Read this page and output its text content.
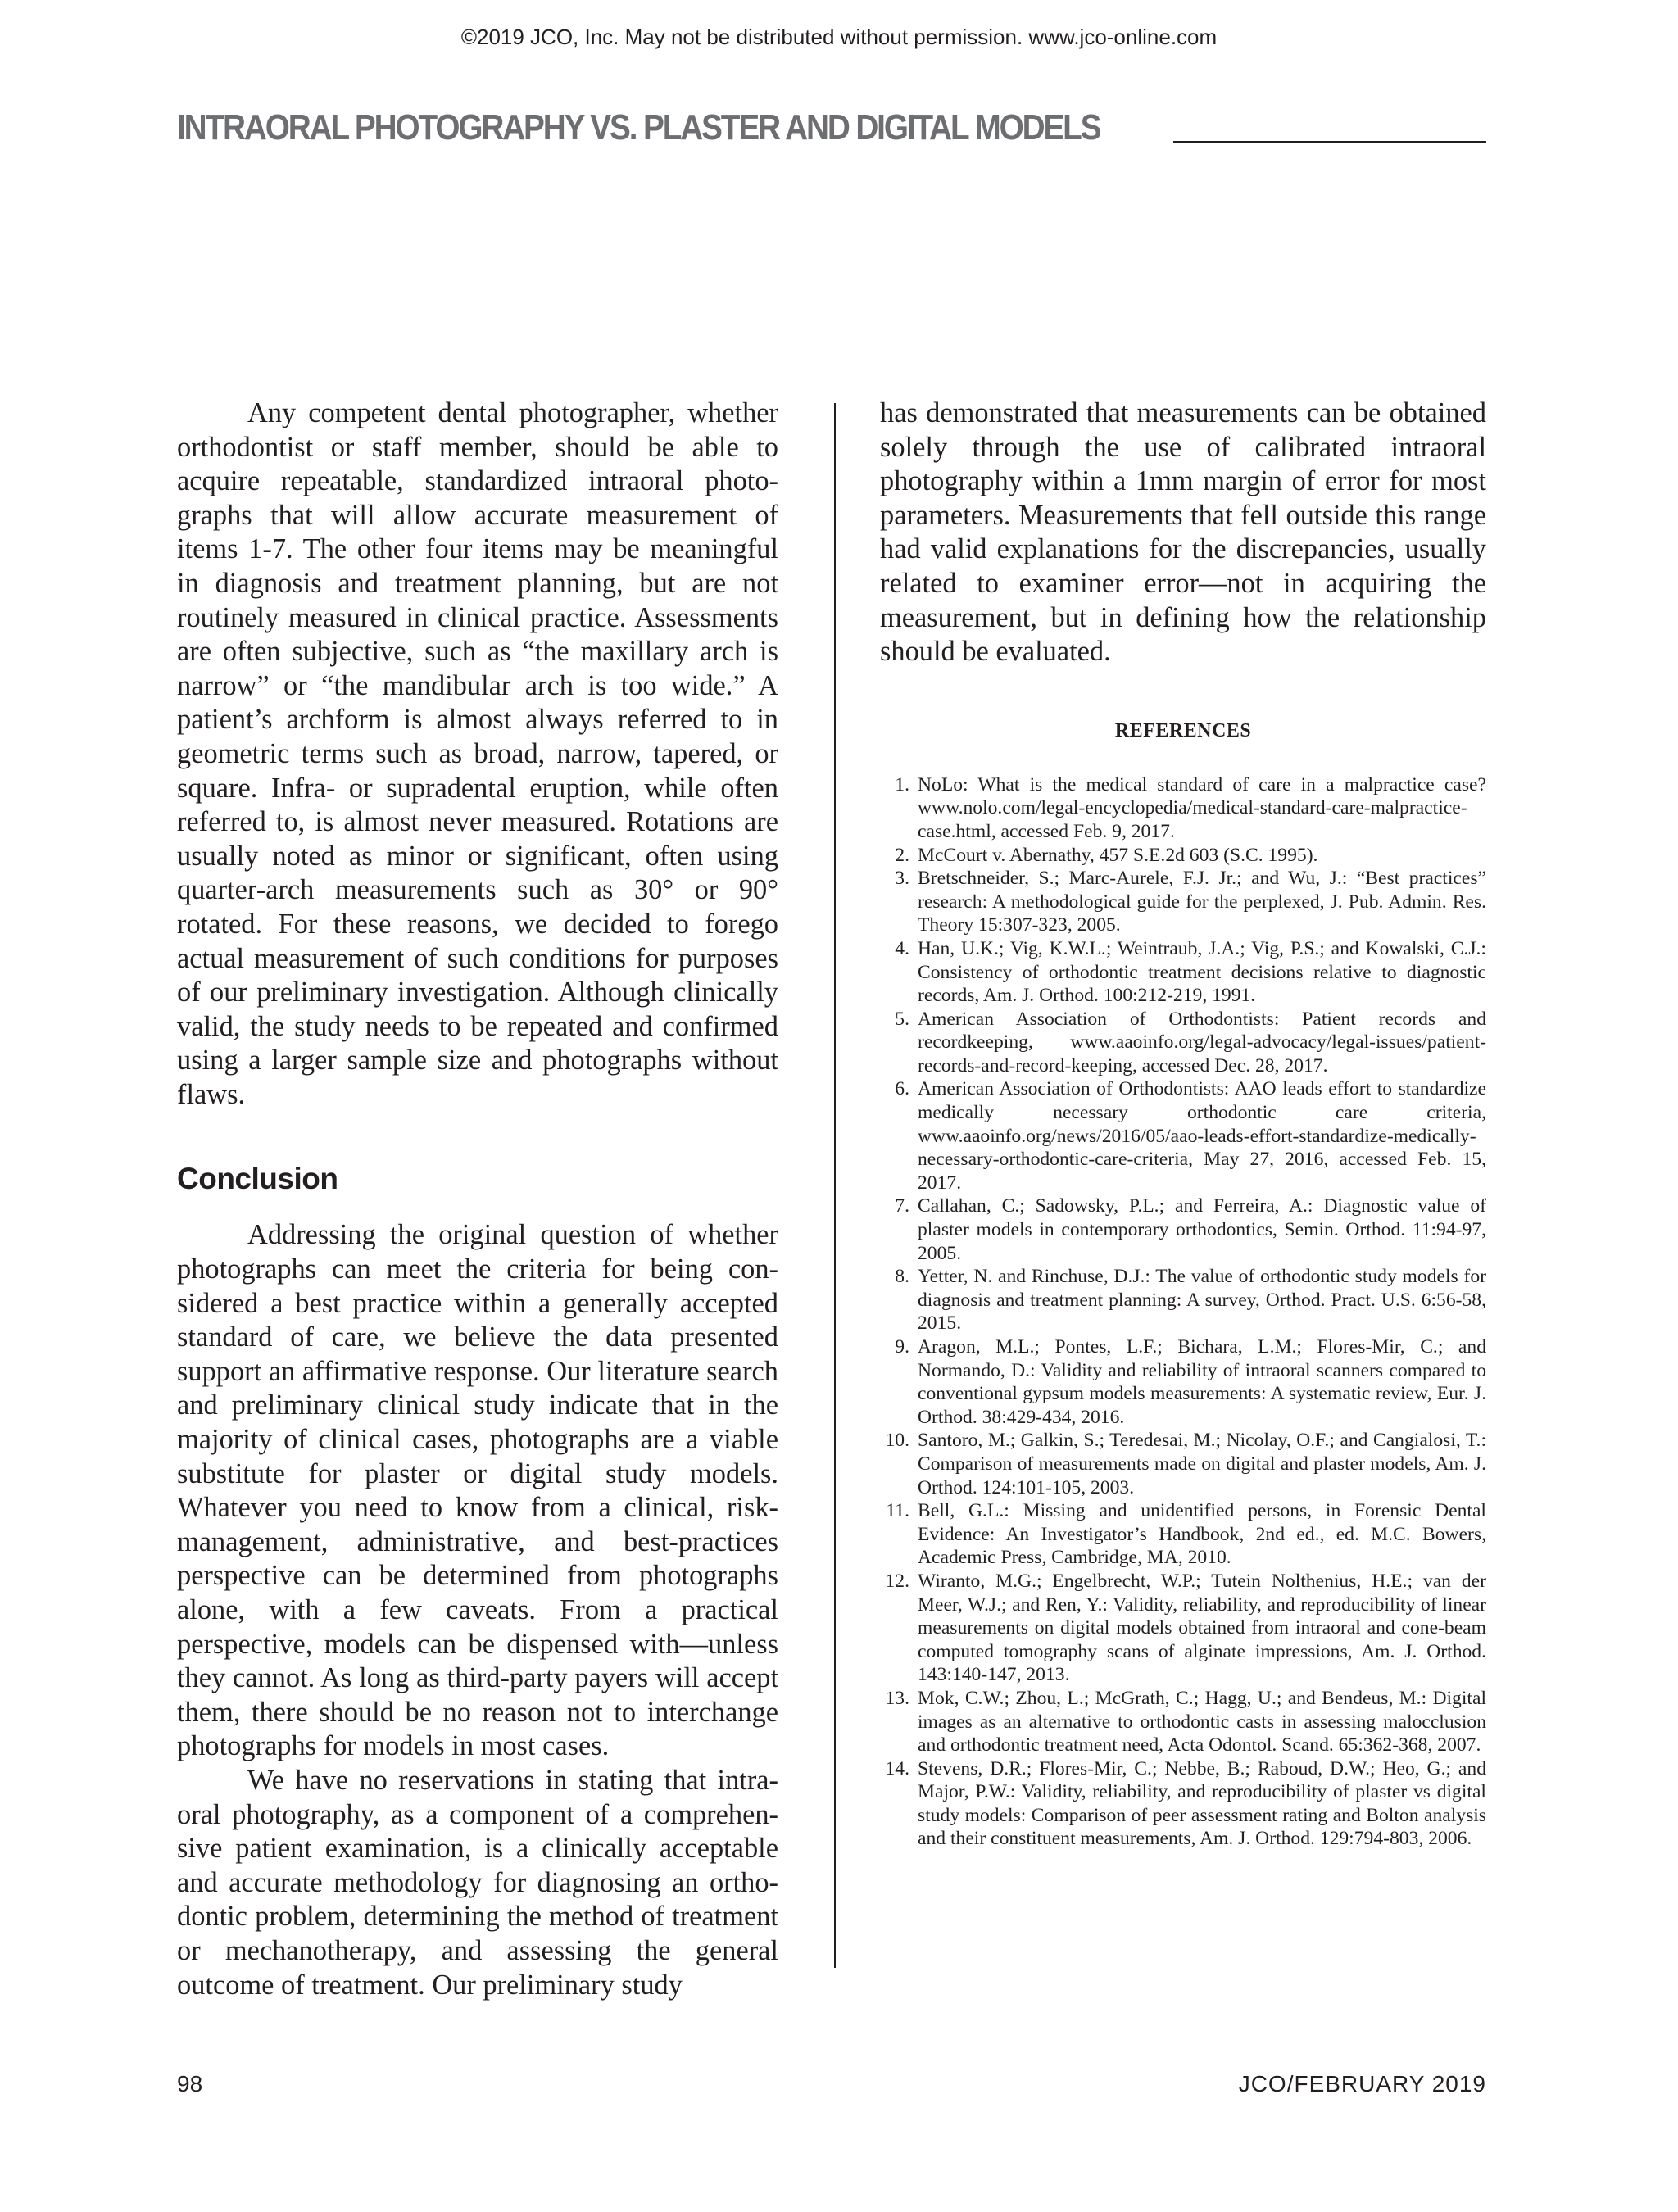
©2019 JCO, Inc. May not be distributed without permission. www.jco-online.com
INTRAORAL PHOTOGRAPHY VS. PLASTER AND DIGITAL MODELS

Any competent dental photographer, whether orthodontist or staff member, should be able to acquire repeatable, standardized intraoral photographs that will allow accurate measurement of items 1-7. The other four items may be meaningful in diagnosis and treatment planning, but are not routinely measured in clinical practice. Assessments are often subjective, such as “the maxillary arch is narrow” or “the mandibular arch is too wide.” A patient’s archform is almost always referred to in geometric terms such as broad, narrow, tapered, or square. Infra- or supradental eruption, while often referred to, is almost never measured. Rotations are usually noted as minor or significant, often using quarter-arch measurements such as 30° or 90° rotated. For these reasons, we decided to forego actual measurement of such conditions for purposes of our preliminary investigation. Although clinically valid, the study needs to be repeated and confirmed using a larger sample size and photographs without flaws.

Conclusion

Addressing the original question of whether photographs can meet the criteria for being considered a best practice within a generally accepted standard of care, we believe the data presented support an affirmative response. Our literature search and preliminary clinical study indicate that in the majority of clinical cases, photographs are a viable substitute for plaster or digital study models. Whatever you need to know from a clinical, risk-management, administrative, and best-practices perspective can be determined from photographs alone, with a few caveats. From a practical perspective, models can be dispensed with—unless they cannot. As long as third-party payers will accept them, there should be no reason not to interchange photographs for models in most cases.

We have no reservations in stating that intraoral photography, as a component of a comprehensive patient examination, is a clinically acceptable and accurate methodology for diagnosing an orthodontic problem, determining the method of treatment or mechanotherapy, and assessing the general outcome of treatment. Our preliminary study

has demonstrated that measurements can be obtained solely through the use of calibrated intraoral photography within a 1mm margin of error for most parameters. Measurements that fell outside this range had valid explanations for the discrepancies, usually related to examiner error—not in acquiring the measurement, but in defining how the relationship should be evaluated.

REFERENCES
1. NoLo: What is the medical standard of care in a malpractice case? www.nolo.com/legal-encyclopedia/medical-standard-care-malpractice-case.html, accessed Feb. 9, 2017.
2. McCourt v. Abernathy, 457 S.E.2d 603 (S.C. 1995).
3. Bretschneider, S.; Marc-Aurele, F.J. Jr.; and Wu, J.: “Best practices” research: A methodological guide for the perplexed, J. Pub. Admin. Res. Theory 15:307-323, 2005.
4. Han, U.K.; Vig, K.W.L.; Weintraub, J.A.; Vig, P.S.; and Kowalski, C.J.: Consistency of orthodontic treatment decisions relative to diagnostic records, Am. J. Orthod. 100:212-219, 1991.
5. American Association of Orthodontists: Patient records and recordkeeping, www.aaoinfo.org/legal-advocacy/legal-issues/patient-records-and-record-keeping, accessed Dec. 28, 2017.
6. American Association of Orthodontists: AAO leads effort to standardize medically necessary orthodontic care criteria, www.aaoinfo.org/news/2016/05/aao-leads-effort-standardize-medically-necessary-orthodontic-care-criteria, May 27, 2016, accessed Feb. 15, 2017.
7. Callahan, C.; Sadowsky, P.L.; and Ferreira, A.: Diagnostic value of plaster models in contemporary orthodontics, Semin. Orthod. 11:94-97, 2005.
8. Yetter, N. and Rinchuse, D.J.: The value of orthodontic study models for diagnosis and treatment planning: A survey, Orthod. Pract. U.S. 6:56-58, 2015.
9. Aragon, M.L.; Pontes, L.F.; Bichara, L.M.; Flores-Mir, C.; and Normando, D.: Validity and reliability of intraoral scanners compared to conventional gypsum models measurements: A systematic review, Eur. J. Orthod. 38:429-434, 2016.
10. Santoro, M.; Galkin, S.; Teredesai, M.; Nicolay, O.F.; and Cangialosi, T.: Comparison of measurements made on digital and plaster models, Am. J. Orthod. 124:101-105, 2003.
11. Bell, G.L.: Missing and unidentified persons, in Forensic Dental Evidence: An Investigator’s Handbook, 2nd ed., ed. M.C. Bowers, Academic Press, Cambridge, MA, 2010.
12. Wiranto, M.G.; Engelbrecht, W.P.; Tutein Nolthenius, H.E.; van der Meer, W.J.; and Ren, Y.: Validity, reliability, and reproducibility of linear measurements on digital models obtained from intraoral and cone-beam computed tomography scans of alginate impressions, Am. J. Orthod. 143:140-147, 2013.
13. Mok, C.W.; Zhou, L.; McGrath, C.; Hagg, U.; and Bendeus, M.: Digital images as an alternative to orthodontic casts in assessing malocclusion and orthodontic treatment need, Acta Odontol. Scand. 65:362-368, 2007.
14. Stevens, D.R.; Flores-Mir, C.; Nebbe, B.; Raboud, D.W.; Heo, G.; and Major, P.W.: Validity, reliability, and reproducibility of plaster vs digital study models: Comparison of peer assessment rating and Bolton analysis and their constituent measurements, Am. J. Orthod. 129:794-803, 2006.
98	JCO/FEBRUARY 2019
